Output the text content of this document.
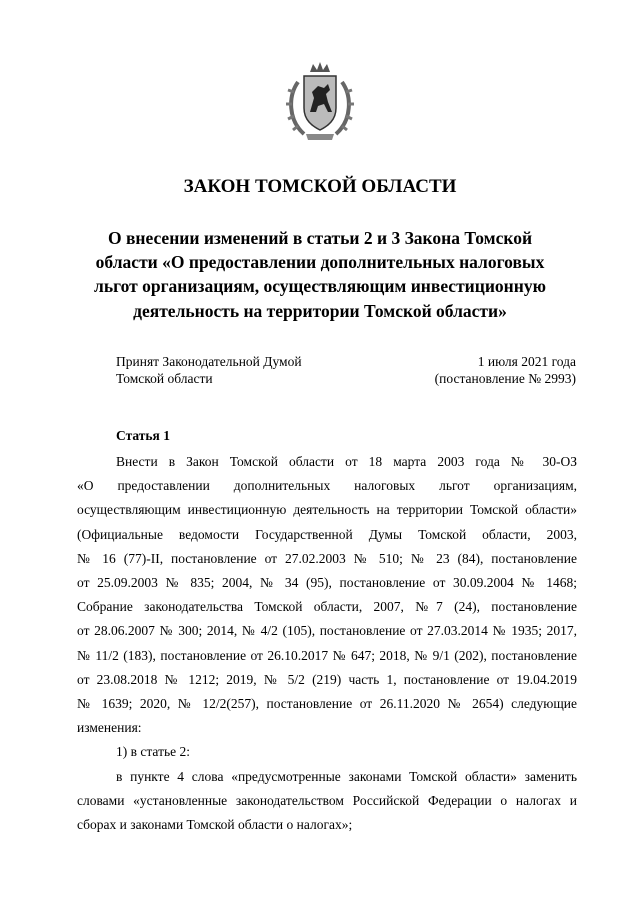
ЗАКОН ТОМСКОЙ ОБЛАСТИ
О внесении изменений в статьи 2 и 3 Закона Томской
области «О предоставлении дополнительных налоговых
льгот организациям, осуществляющим инвестиционную
деятельность на территории Томской области»
Принят Законодательной Думой
Томской области
1 июля 2021 года
(постановление № 2993)
Статья 1
Внести в Закон Томской области от 18 марта 2003 года № 30-ОЗ
«О предоставлении дополнительных налоговых льгот организациям,
осуществляющим инвестиционную деятельность на территории Томской области»
(Официальные ведомости Государственной Думы Томской области, 2003,
№ 16 (77)-II, постановление от 27.02.2003 № 510; № 23 (84), постановление
от 25.09.2003 № 835; 2004, № 34 (95), постановление от 30.09.2004 № 1468;
Собрание законодательства Томской области, 2007, №7 (24), постановление
от 28.06.2007 № 300; 2014, № 4/2 (105), постановление от 27.03.2014 № 1935; 2017,
№ 11/2 (183), постановление от 26.10.2017 № 647; 2018, № 9/1 (202), постановление
от 23.08.2018 № 1212; 2019, № 5/2 (219) часть 1, постановление от 19.04.2019
№ 1639; 2020, № 12/2(257), постановление от 26.11.2020 № 2654) следующие
изменения:
1) в статье 2:
в пункте 4 слова «предусмотренные законами Томской области» заменить
словами «установленные законодательством Российской Федерации о налогах и
сборах и законами Томской области о налогах»;
